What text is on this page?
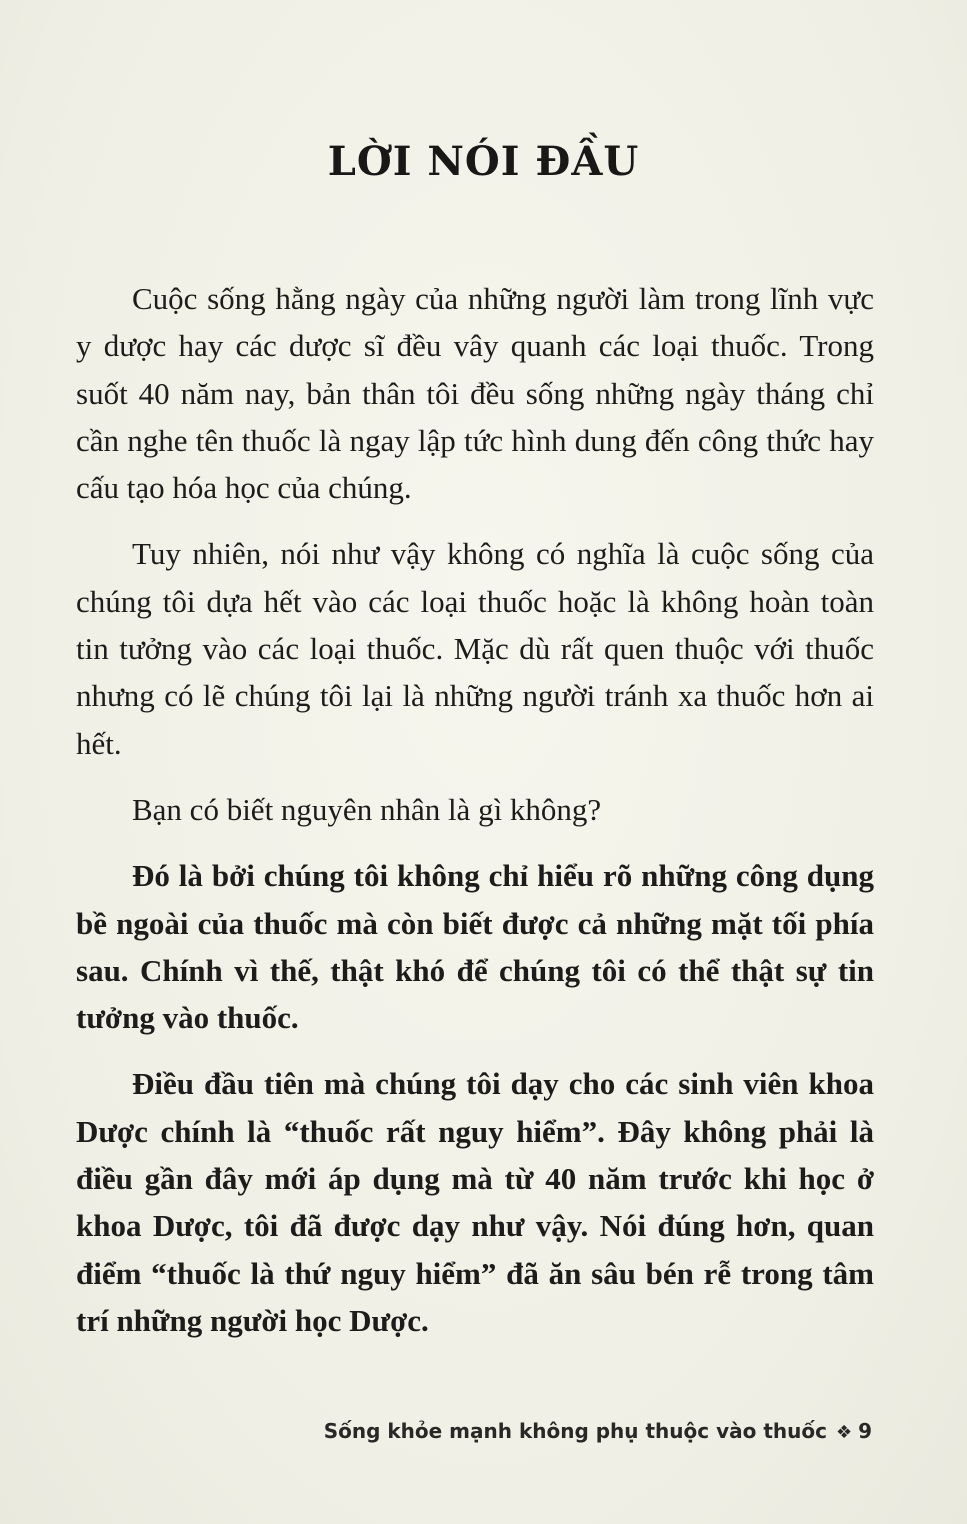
LỜI NÓI ĐẦU

Cuộc sống hằng ngày của những người làm trong lĩnh vực y dược hay các dược sĩ đều vây quanh các loại thuốc. Trong suốt 40 năm nay, bản thân tôi đều sống những ngày tháng chỉ cần nghe tên thuốc là ngay lập tức hình dung đến công thức hay cấu tạo hóa học của chúng.

Tuy nhiên, nói như vậy không có nghĩa là cuộc sống của chúng tôi dựa hết vào các loại thuốc hoặc là không hoàn toàn tin tưởng vào các loại thuốc. Mặc dù rất quen thuộc với thuốc nhưng có lẽ chúng tôi lại là những người tránh xa thuốc hơn ai hết.

Bạn có biết nguyên nhân là gì không?

Đó là bởi chúng tôi không chỉ hiểu rõ những công dụng bề ngoài của thuốc mà còn biết được cả những mặt tối phía sau. Chính vì thế, thật khó để chúng tôi có thể thật sự tin tưởng vào thuốc.

Điều đầu tiên mà chúng tôi dạy cho các sinh viên khoa Dược chính là “thuốc rất nguy hiểm”. Đây không phải là điều gần đây mới áp dụng mà từ 40 năm trước khi học ở khoa Dược, tôi đã được dạy như vậy. Nói đúng hơn, quan điểm “thuốc là thứ nguy hiểm” đã ăn sâu bén rễ trong tâm trí những người học Dược.

Sống khỏe mạnh không phụ thuộc vào thuốc ❖ 9
